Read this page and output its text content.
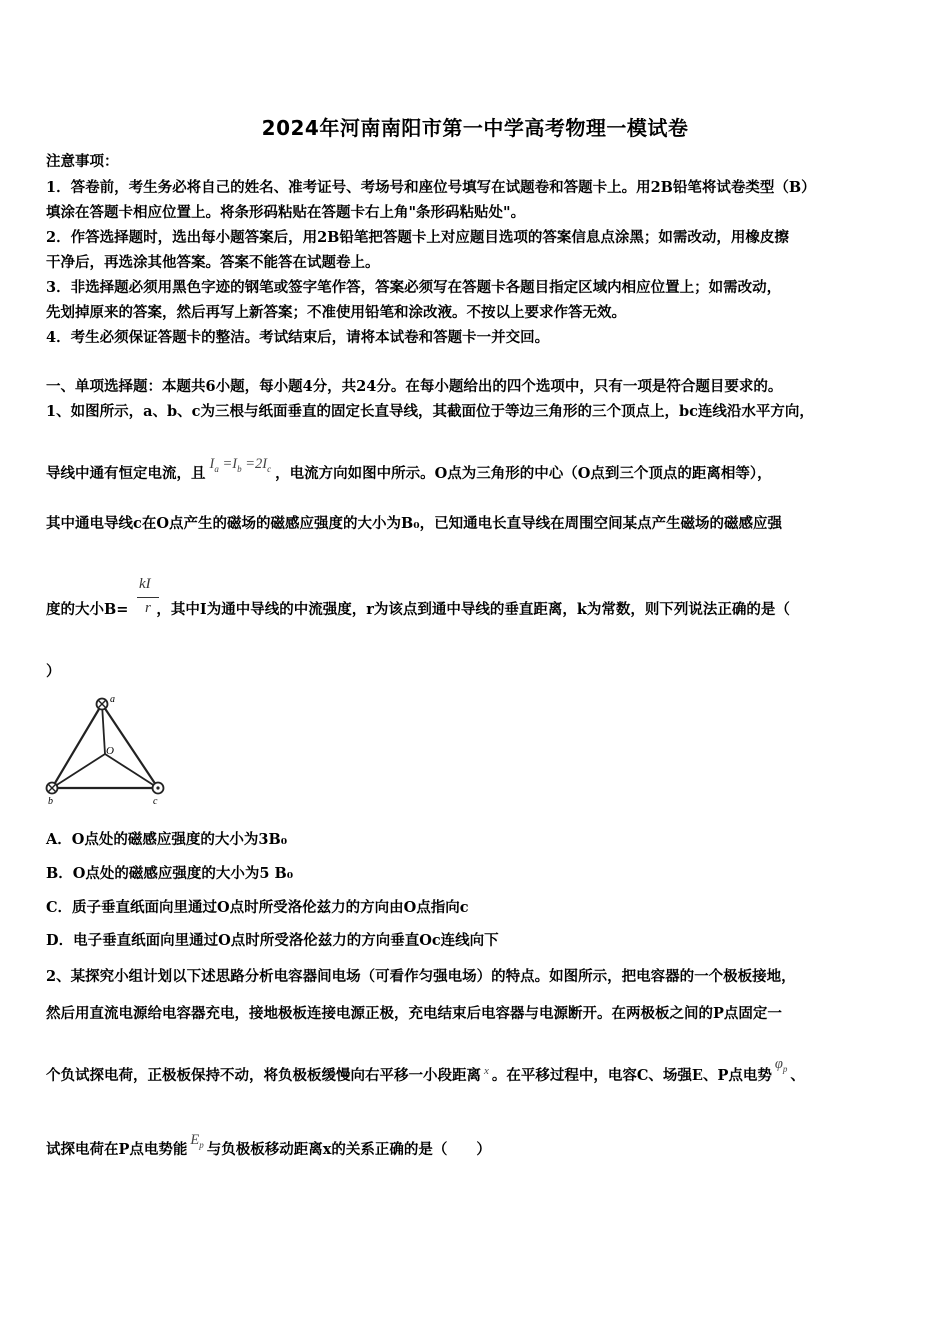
2024年河南南阳市第一中学高考物理一模试卷
注意事项：
1．答卷前，考生务必将自己的姓名、准考证号、考场号和座位号填写在试题卷和答题卡上。用2B铅笔将试卷类型（B）
填涂在答题卡相应位置上。将条形码粘贴在答题卡右上角"条形码粘贴处"。
2．作答选择题时，选出每小题答案后，用2B铅笔把答题卡上对应题目选项的答案信息点涂黑；如需改动，用橡皮擦
干净后，再选涂其他答案。答案不能答在试题卷上。
3．非选择题必须用黑色字迹的钢笔或签字笔作答，答案必须写在答题卡各题目指定区域内相应位置上；如需改动，
先划掉原来的答案，然后再写上新答案；不准使用铅笔和涂改液。不按以上要求作答无效。
4．考生必须保证答题卡的整洁。考试结束后，请将本试卷和答题卡一并交回。
一、单项选择题：本题共6小题，每小题4分，共24分。在每小题给出的四个选项中，只有一项是符合题目要求的。
1、如图所示，a、b、c为三根与纸面垂直的固定长直导线，其截面位于等边三角形的三个顶点上，bc连线沿水平方向，
导线中通有恒定电流，且$I_a =I_b =2I_c$ ，电流方向如图中所示。O点为三角形的中心（O点到三个顶点的距离相等），
其中通电导线c在O点产生的磁场的磁感应强度的大小为B₀，已知通电长直导线在周围空间某点产生磁场的磁感应强
kI
r
度的大小B= ，其中I为通中导线的中流强度，r为该点到通中导线的垂直距离，k为常数，则下列说法正确的是（
）
a
b	c
O
A．O点处的磁感应强度的大小为3B₀
B．O点处的磁感应强度的大小为5 B₀
C．质子垂直纸面向里通过O点时所受洛伦兹力的方向由O点指向c
D．电子垂直纸面向里通过O点时所受洛伦兹力的方向垂直Oc连线向下
2、某探究小组计划以下述思路分析电容器间电场（可看作匀强电场）的特点。如图所示，把电容器的一个极板接地，
然后用直流电源给电容器充电，接地极板连接电源正极，充电结束后电容器与电源断开。在两极板之间的P点固定一
个负试探电荷，正极板保持不动，将负极板缓慢向右平移一小段距离 $^x$ 。在平移过程中，电容C、场强E、P点电势$\varphi_p$ 、
试探电荷在P点电势能$E_p$ 与负极板移动距离x的关系正确的是（　　）
